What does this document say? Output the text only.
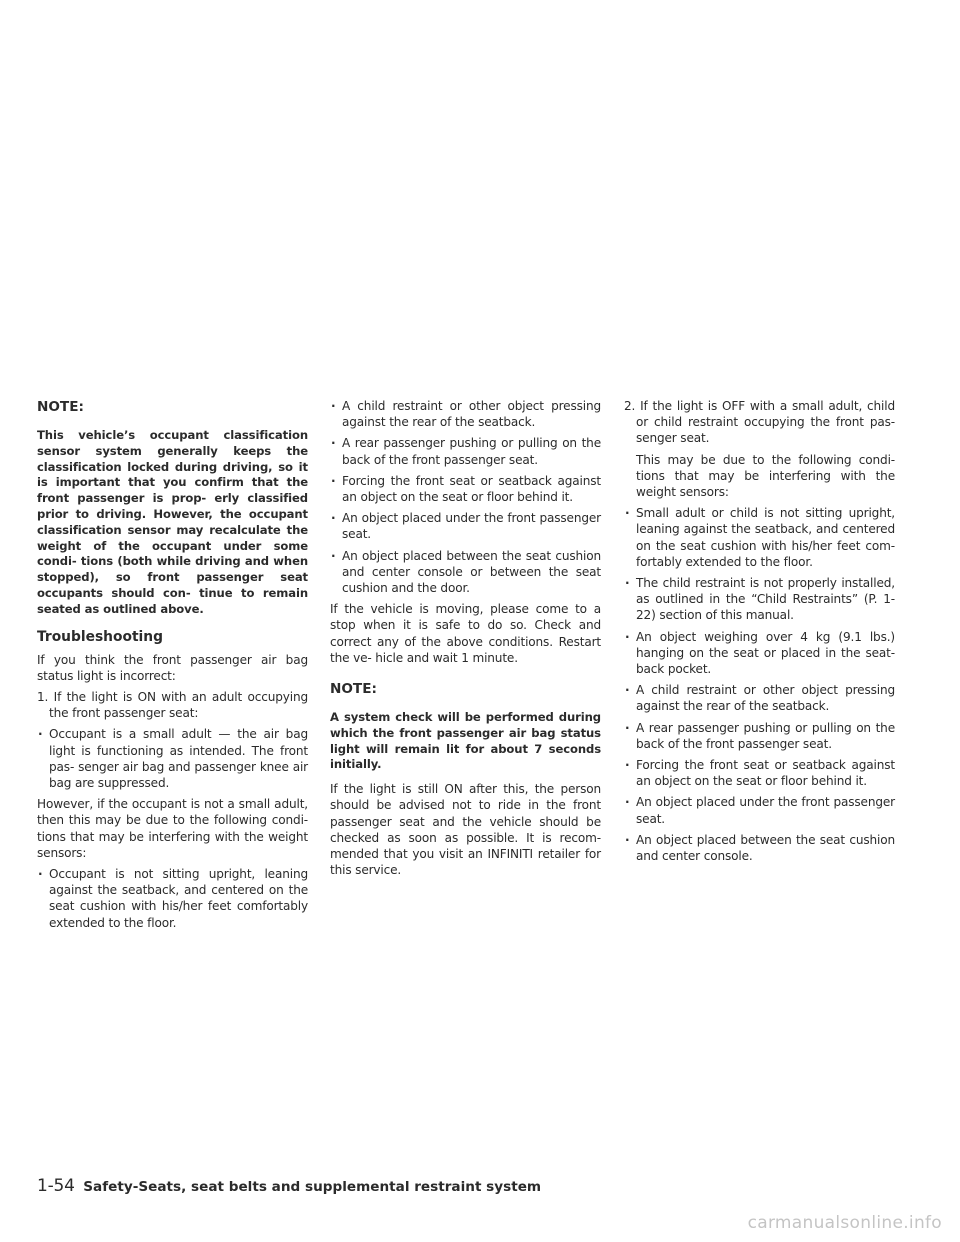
NOTE:
This vehicle’s occupant classification sensor system generally keeps the classification locked during driving, so it is important that you confirm that the front passenger is prop- erly classified prior to driving. However, the occupant classification sensor may recalculate the weight of the occupant under some condi- tions (both while driving and when stopped), so front passenger seat occupants should con- tinue to remain seated as outlined above.
Troubleshooting

If you think the front passenger air bag status light is incorrect:

1. If the light is ON with an adult occupying the front passenger seat:

· Occupant is a small adult — the air bag light is functioning as intended. The front pas- senger air bag and passenger knee air bag are suppressed.

However, if the occupant is not a small adult, then this may be due to the following condi- tions that may be interfering with the weight sensors:

· Occupant is not sitting upright, leaning against the seatback, and centered on the seat cushion with his/her feet comfortably extended to the floor.
· A child restraint or other object pressing against the rear of the seatback.
· A rear passenger pushing or pulling on the back of the front passenger seat.
· Forcing the front seat or seatback against an object on the seat or floor behind it.
· An object placed under the front passenger seat.
· An object placed between the seat cushion and center console or between the seat cushion and the door.

If the vehicle is moving, please come to a stop when it is safe to do so. Check and correct any of the above conditions. Restart the ve- hicle and wait 1 minute.

NOTE:
A system check will be performed during which the front passenger air bag status light will remain lit for about 7 seconds initially.

If the light is still ON after this, the person should be advised not to ride in the front passenger seat and the vehicle should be checked as soon as possible. It is recom- mended that you visit an INFINITI retailer for this service.

2. If the light is OFF with a small adult, child or child restraint occupying the front pas- senger seat.

This may be due to the following condi- tions that may be interfering with the weight sensors:

· Small adult or child is not sitting upright, leaning against the seatback, and centered on the seat cushion with his/her feet com- fortably extended to the floor.
· The child restraint is not properly installed, as outlined in the “Child Restraints” (P. 1-22) section of this manual.
· An object weighing over 4 kg (9.1 lbs.) hanging on the seat or placed in the seat- back pocket.
· A child restraint or other object pressing against the rear of the seatback.
· A rear passenger pushing or pulling on the back of the front passenger seat.
· Forcing the front seat or seatback against an object on the seat or floor behind it.
· An object placed under the front passenger seat.
· An object placed between the seat cushion and center console.
1-54 Safety-Seats, seat belts and supplemental restraint system
carmanualsonline.info
